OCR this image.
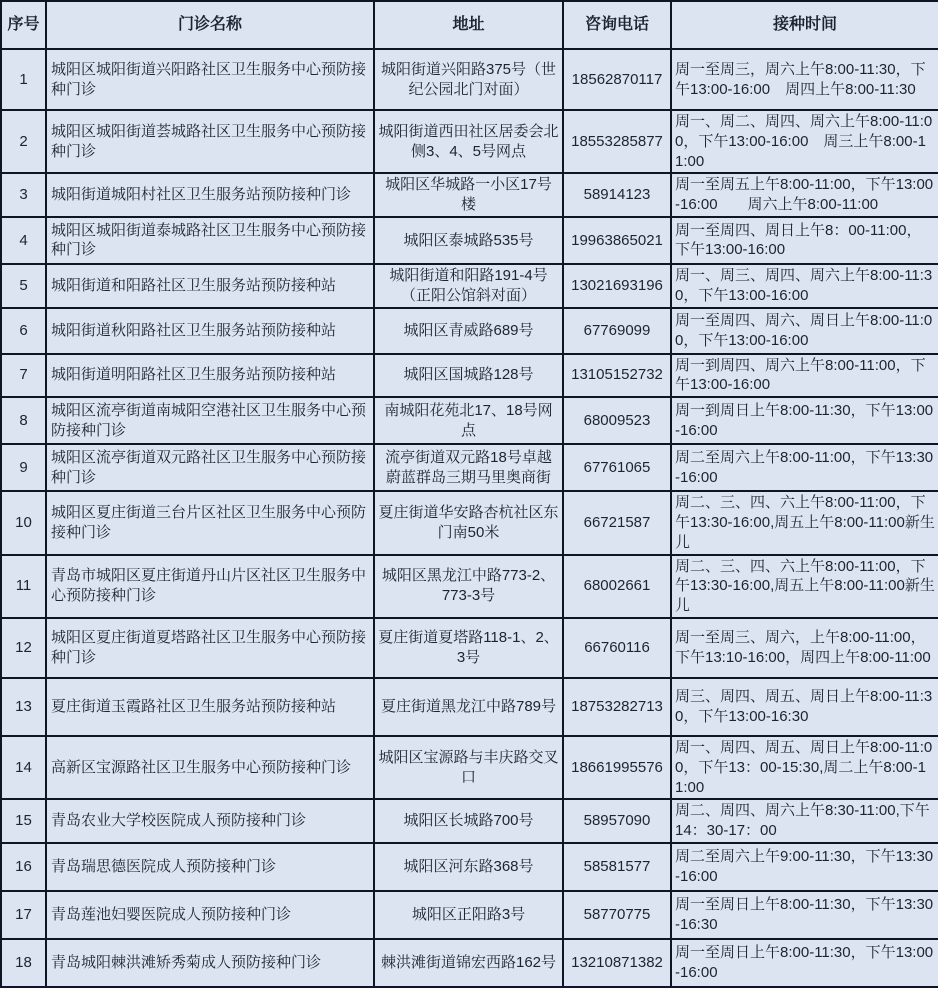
序号	门诊名称	地址	咨询电话	接种时间
1	城阳区城阳街道兴阳路社区卫生服务中心预防接种门诊	城阳街道兴阳路375号（世纪公园北门对面）	18562870117	周一至周三，周六上午8:00-11:30，下午13:00-16:00　周四上午8:00-11:30
2	城阳区城阳街道荟城路社区卫生服务中心预防接种门诊	城阳街道西田社区居委会北侧3、4、5号网点	18553285877	周一、周二、周四、周六上午8:00-11:00，下午13:00-16:00　周三上午8:00-11:00
3	城阳街道城阳村社区卫生服务站预防接种门诊	城阳区华城路一小区17号楼	58914123	周一至周五上午8:00-11:00，下午13:00-16:00　　周六上午8:00-11:00
4	城阳区城阳街道泰城路社区卫生服务中心预防接种门诊	城阳区泰城路535号	19963865021	周一至周四、周日上午8：00-11:00，下午13:00-16:00
5	城阳街道和阳路社区卫生服务站预防接种站	城阳街道和阳路191-4号（正阳公馆斜对面）	13021693196	周一、周三、周四、周六上午8:00-11:30，下午13:00-16:00
6	城阳街道秋阳路社区卫生服务站预防接种站	城阳区青威路689号	67769099	周一至周四、周六、周日上午8:00-11:00，下午13:00-16:00
7	城阳街道明阳路社区卫生服务站预防接种站	城阳区国城路128号	13105152732	周一到周四、周六上午8:00-11:00，下午13:00-16:00
8	城阳区流亭街道南城阳空港社区卫生服务中心预防接种门诊	南城阳花苑北17、18号网点	68009523	周一到周日上午8:00-11:30，下午13:00-16:00
9	城阳区流亭街道双元路社区卫生服务中心预防接种门诊	流亭街道双元路18号卓越蔚蓝群岛三期马里奥商街	67761065	周二至周六上午8:00-11:00，下午13:30-16:00
10	城阳区夏庄街道三台片区社区卫生服务中心预防接种门诊	夏庄街道华安路杏杭社区东门南50米	66721587	周二、三、四、六上午8:00-11:00，下午13:30-16:00,周五上午8:00-11:00新生儿
11	青岛市城阳区夏庄街道丹山片区社区卫生服务中心预防接种门诊	城阳区黑龙江中路773-2、773-3号	68002661	周二、三、四、六上午8:00-11:00，下午13:30-16:00,周五上午8:00-11:00新生儿
12	城阳区夏庄街道夏塔路社区卫生服务中心预防接种门诊	夏庄街道夏塔路118-1、2、3号	66760116	周一至周三、周六，上午8:00-11:00，下午13:10-16:00，周四上午8:00-11:00
13	夏庄街道玉霞路社区卫生服务站预防接种站	夏庄街道黑龙江中路789号	18753282713	周三、周四、周五、周日上午8:00-11:30，下午13:00-16:30
14	高新区宝源路社区卫生服务中心预防接种门诊	城阳区宝源路与丰庆路交叉口	18661995576	周一、周四、周五、周日上午8:00-11:00，下午13：00-15:30,周二上午8:00-11:00
15	青岛农业大学校医院成人预防接种门诊	城阳区长城路700号	58957090	周二、周四、周六上午8:30-11:00,下午14：30-17：00
16	青岛瑞思德医院成人预防接种门诊	城阳区河东路368号	58581577	周二至周六上午9:00-11:30，下午13:30-16:00
17	青岛莲池妇婴医院成人预防接种门诊	城阳区正阳路3号	58770775	周一至周日上午8:00-11:30，下午13:30-16:30
18	青岛城阳棘洪滩矫秀菊成人预防接种门诊	棘洪滩街道锦宏西路162号	13210871382	周一至周日上午8:00-11:30，下午13:00-16:00
